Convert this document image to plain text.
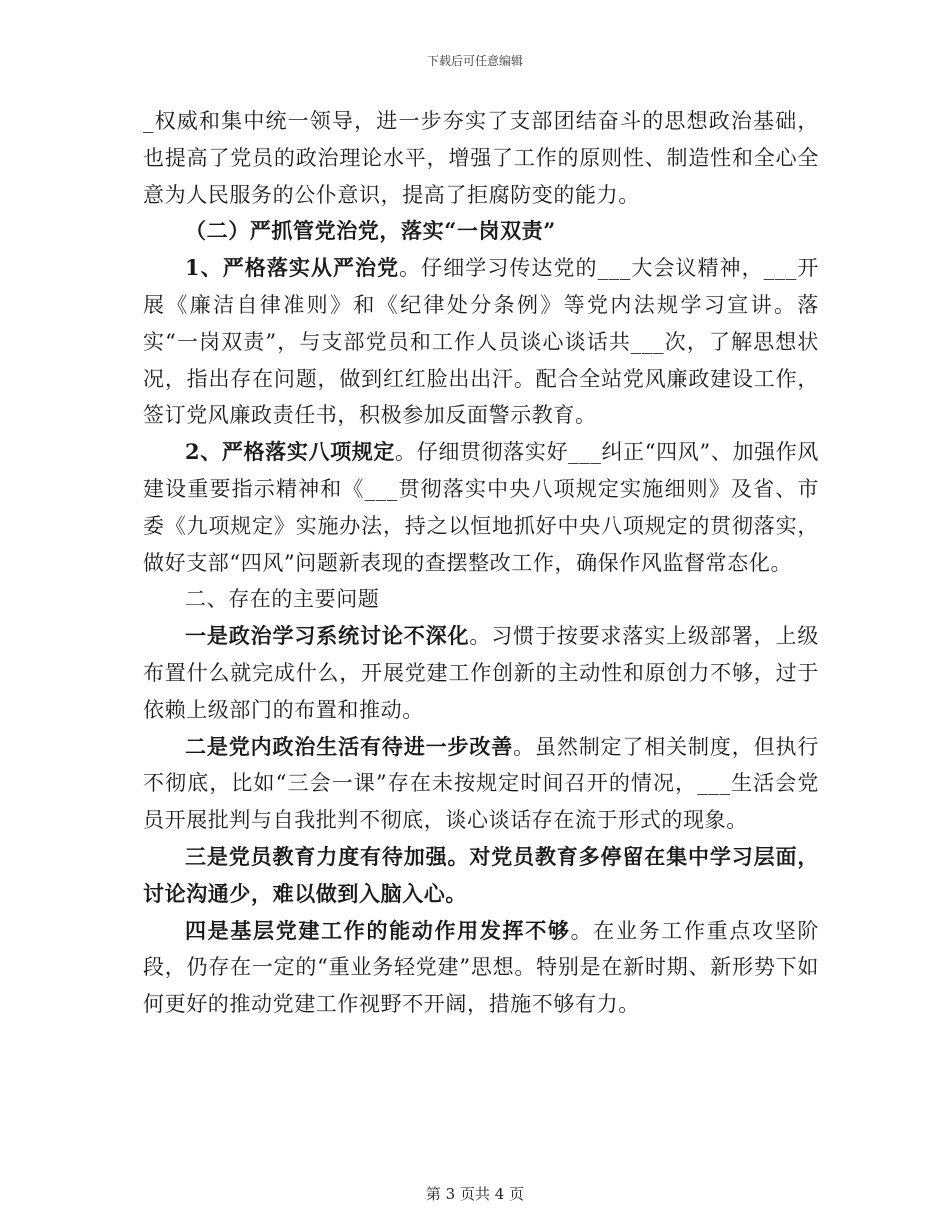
下载后可任意编辑

_权威和集中统一领导，进一步夯实了支部团结奋斗的思想政治基础，也提高了党员的政治理论水平，增强了工作的原则性、制造性和全心全意为人民服务的公仆意识，提高了拒腐防变的能力。

（二）严抓管党治党，落实“一岗双责”

1、严格落实从严治党。仔细学习传达党的___大会议精神，___开展《廉洁自律准则》和《纪律处分条例》等党内法规学习宣讲。落实“一岗双责”，与支部党员和工作人员谈心谈话共___次，了解思想状况，指出存在问题，做到红红脸出出汗。配合全站党风廉政建设工作，签订党风廉政责任书，积极参加反面警示教育。

2、严格落实八项规定。仔细贯彻落实好___纠正“四风”、加强作风建设重要指示精神和《___贯彻落实中央八项规定实施细则》及省、市委《九项规定》实施办法，持之以恒地抓好中央八项规定的贯彻落实，做好支部“四风”问题新表现的查摆整改工作，确保作风监督常态化。

二、存在的主要问题

一是政治学习系统讨论不深化。习惯于按要求落实上级部署，上级布置什么就完成什么，开展党建工作创新的主动性和原创力不够，过于依赖上级部门的布置和推动。

二是党内政治生活有待进一步改善。虽然制定了相关制度，但执行不彻底，比如“三会一课”存在未按规定时间召开的情况，___生活会党员开展批判与自我批判不彻底，谈心谈话存在流于形式的现象。

三是党员教育力度有待加强。对党员教育多停留在集中学习层面，讨论沟通少，难以做到入脑入心。

四是基层党建工作的能动作用发挥不够。在业务工作重点攻坚阶段，仍存在一定的“重业务轻党建”思想。特别是在新时期、新形势下如何更好的推动党建工作视野不开阔，措施不够有力。

第 3 页共 4 页
